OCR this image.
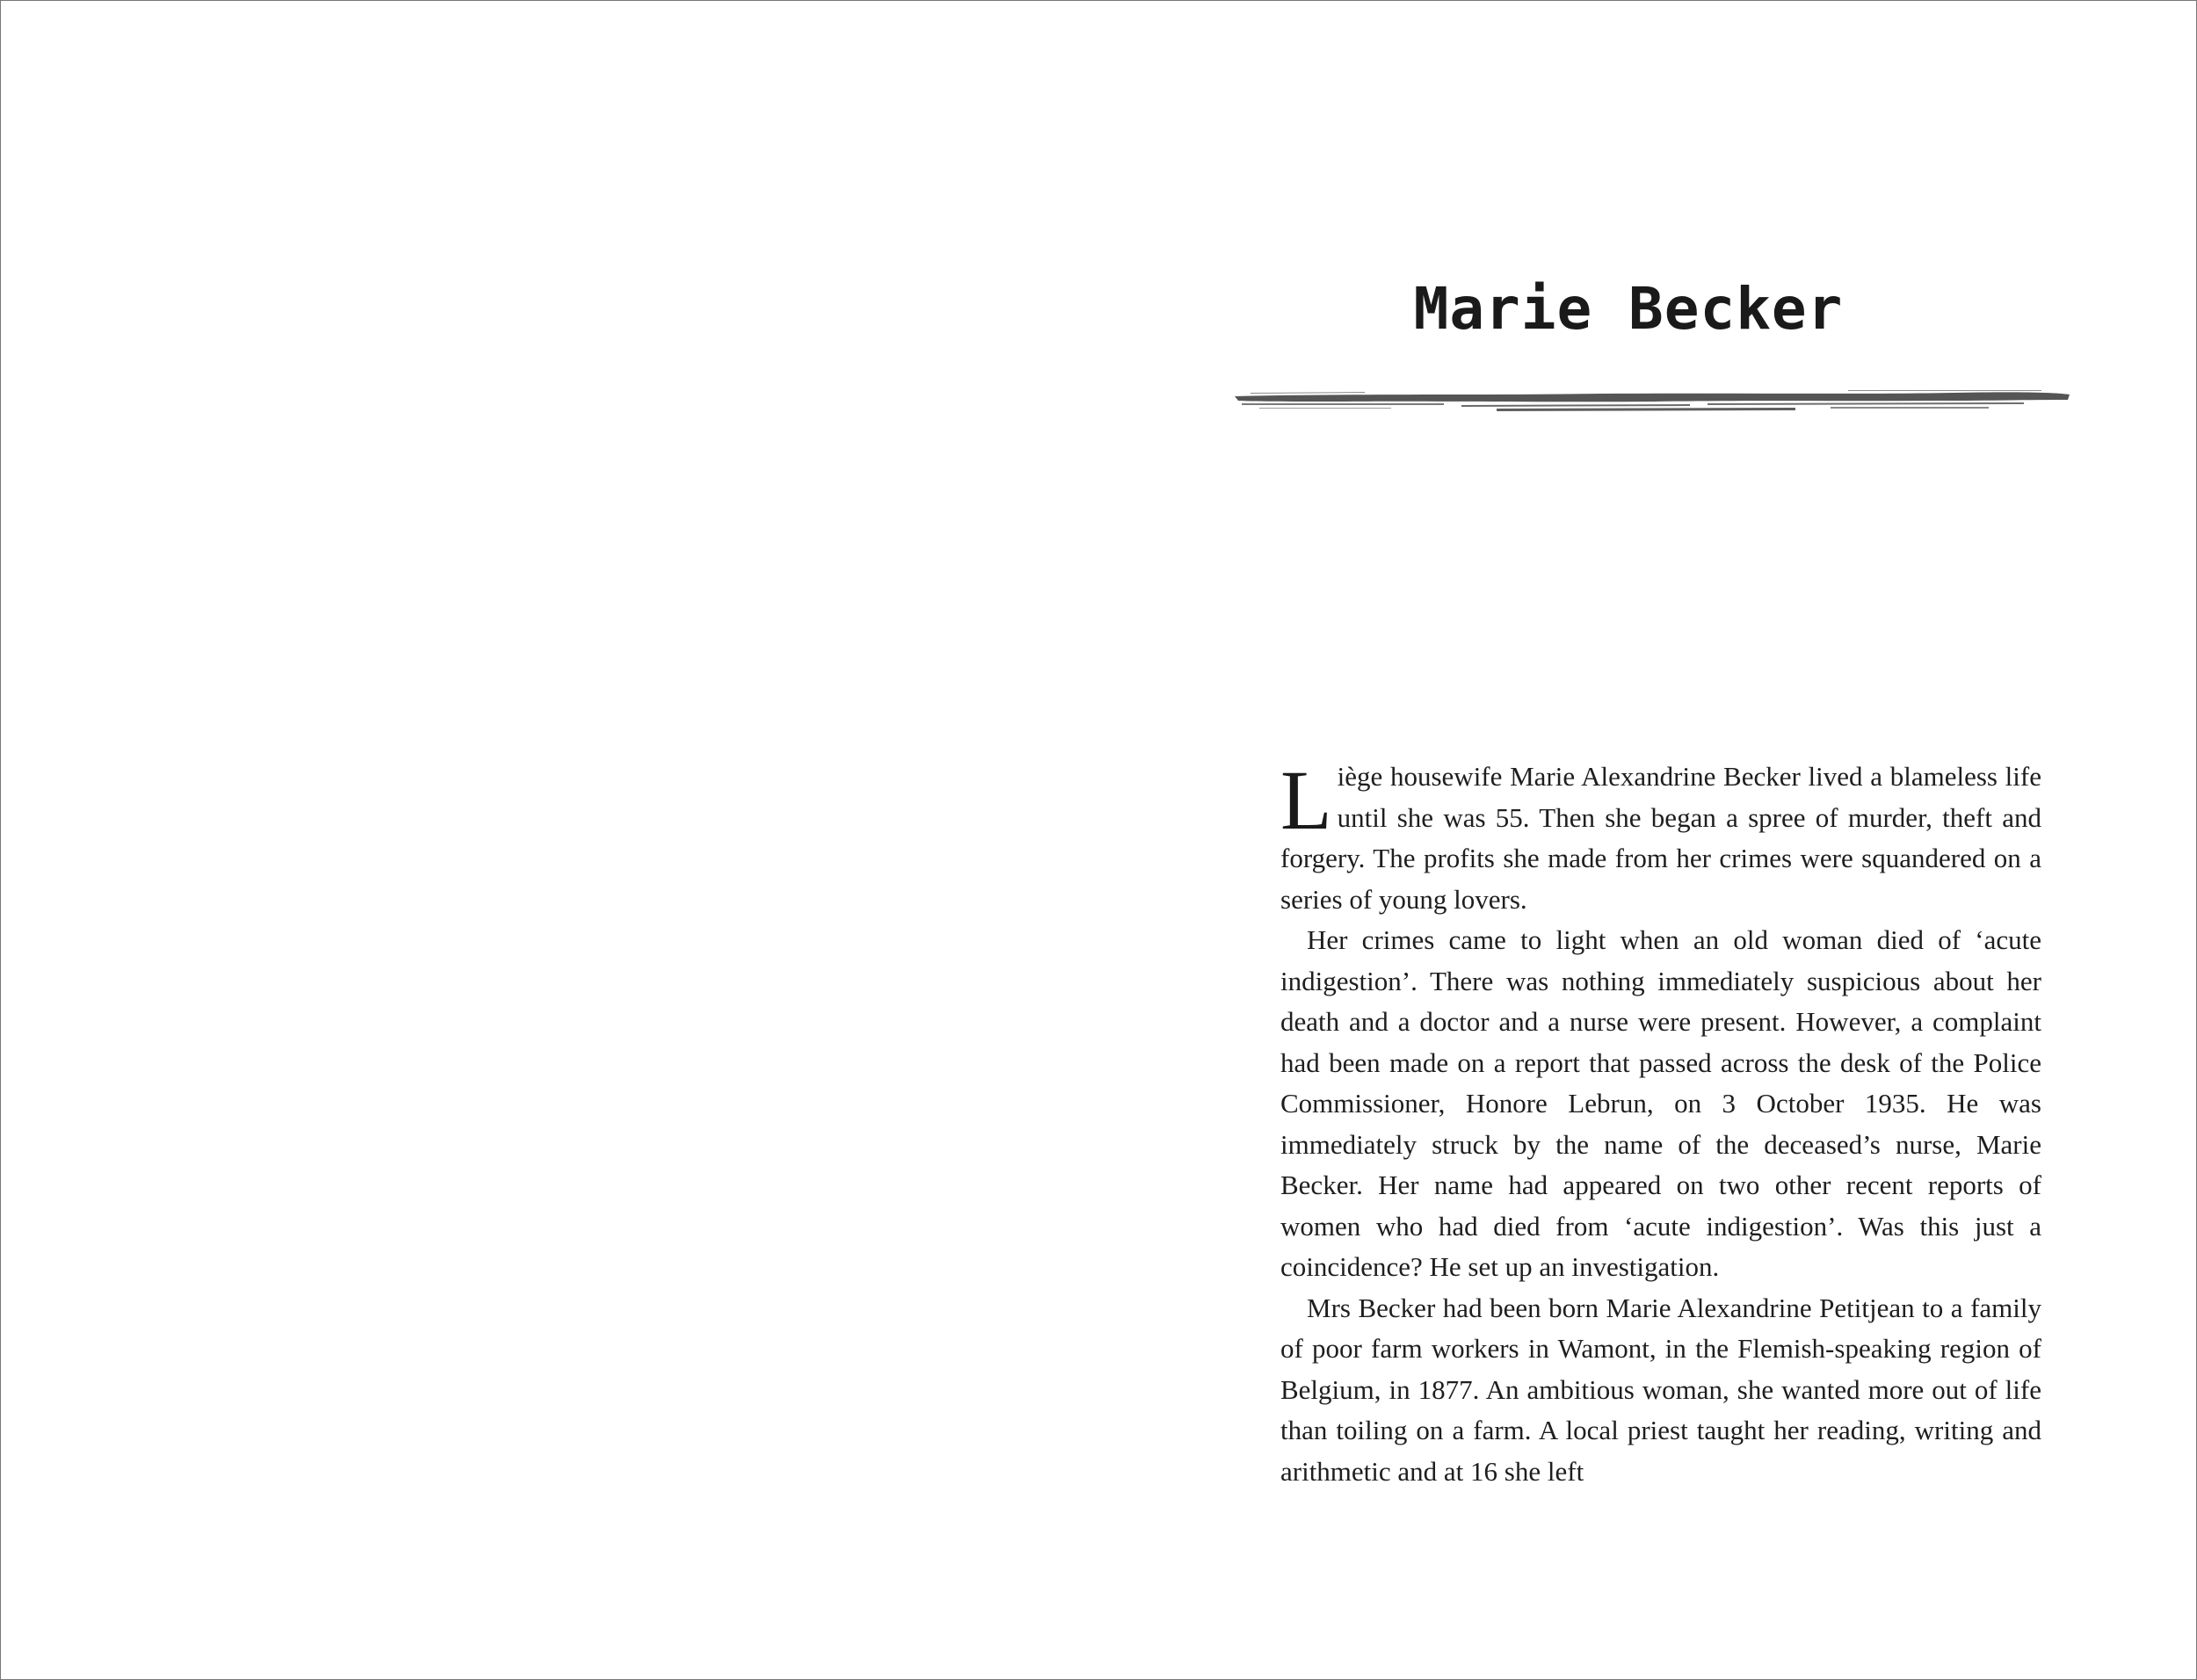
Marie Becker

Liège housewife Marie Alexandrine Becker lived a blameless life until she was 55. Then she began a spree of murder, theft and forgery. The profits she made from her crimes were squandered on a series of young lovers.

Her crimes came to light when an old woman died of ‘acute indigestion’. There was nothing immediately suspicious about her death and a doctor and a nurse were present. However, a complaint had been made on a report that passed across the desk of the Police Commissioner, Honore Lebrun, on 3 October 1935. He was immediately struck by the name of the deceased’s nurse, Marie Becker. Her name had appeared on two other recent reports of women who had died from ‘acute indigestion’. Was this just a coincidence? He set up an investigation.

Mrs Becker had been born Marie Alexandrine Petitjean to a family of poor farm workers in Wamont, in the Flemish-speaking region of Belgium, in 1877. An ambitious woman, she wanted more out of life than toiling on a farm. A local priest taught her reading, writing and arithmetic and at 16 she left
